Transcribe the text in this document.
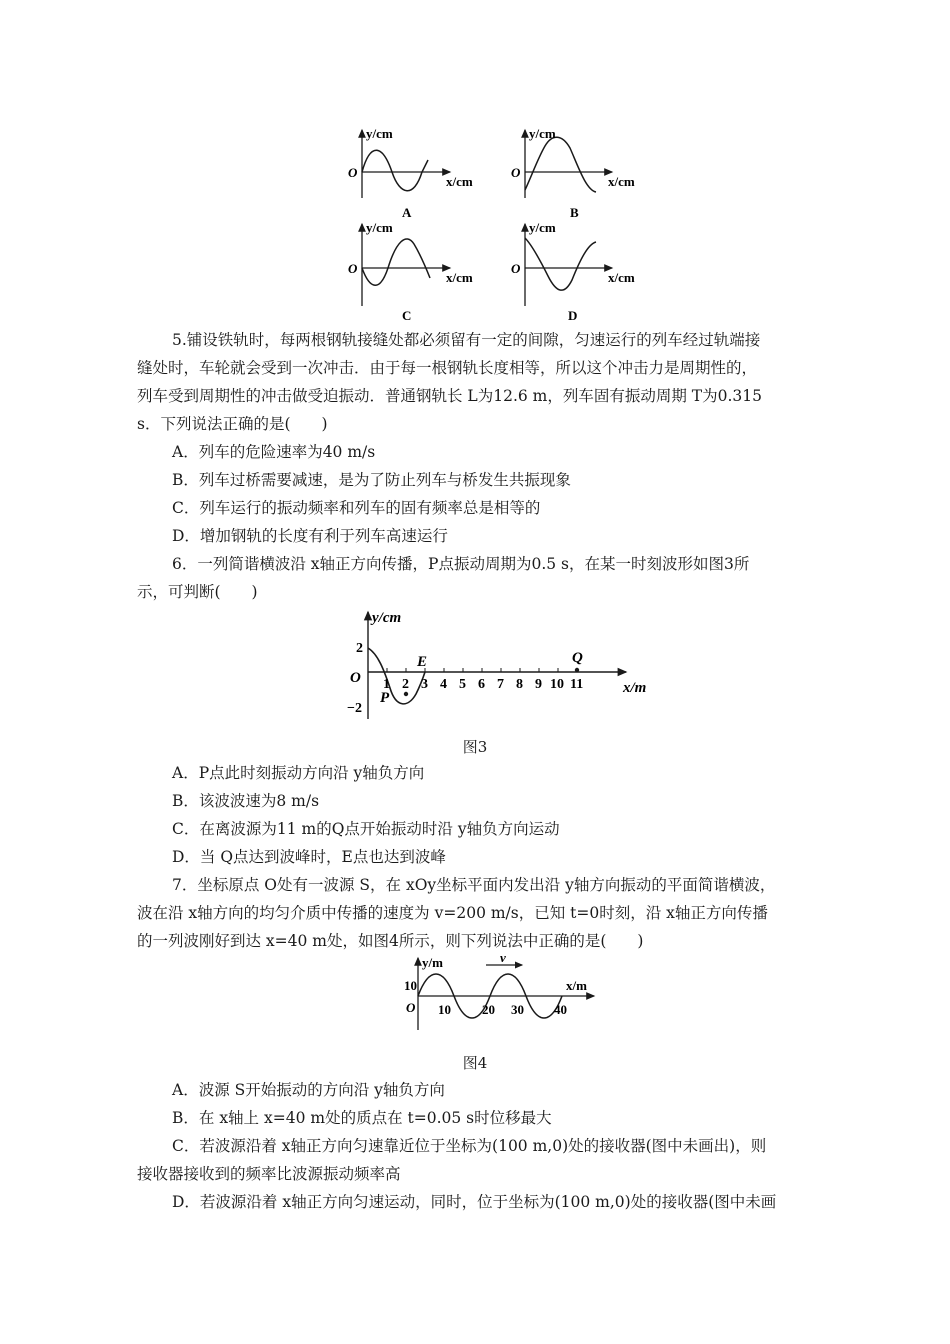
y/cm
O
x/cm
A
y/cm
O
x/cm
B
y/cm
O
x/cm
C
y/cm
O
x/cm
D
5.铺设铁轨时，每两根钢轨接缝处都必须留有一定的间隙，匀速运行的列车经过轨端接
缝处时，车轮就会受到一次冲击．由于每一根钢轨长度相等，所以这个冲击力是周期性的，
列车受到周期性的冲击做受迫振动．普通钢轨长 L为12.6 m，列车固有振动周期 T为0.315
s．下列说法正确的是(　　)
A．列车的危险速率为40 m/s
B．列车过桥需要减速，是为了防止列车与桥发生共振现象
C．列车运行的振动频率和列车的固有频率总是相等的
D．增加钢轨的长度有利于列车高速运行
6．一列简谐横波沿 x轴正方向传播，P点振动周期为0.5 s，在某一时刻波形如图3所
示，可判断(　　)
y/cm
x/m
O
2
−2
E
P
Q
1 2 3 4 5 6 7 8 9 10 11
图3
A．P点此时刻振动方向沿 y轴负方向
B．该波波速为8 m/s
C．在离波源为11 m的Q点开始振动时沿 y轴负方向运动
D．当 Q点达到波峰时，E点也达到波峰
7．坐标原点 O处有一波源 S，在 xOy坐标平面内发出沿 y轴方向振动的平面简谐横波，
波在沿 x轴方向的均匀介质中传播的速度为 v=200 m/s，已知 t=0时刻，沿 x轴正方向传播
的一列波刚好到达 x=40 m处，如图4所示，则下列说法中正确的是(　　)
v
y/m
x/m
10
O 10 20 30 40
图4
A．波源 S开始振动的方向沿 y轴负方向
B．在 x轴上 x=40 m处的质点在 t=0.05 s时位移最大
C．若波源沿着 x轴正方向匀速靠近位于坐标为(100 m,0)处的接收器(图中未画出)，则
接收器接收到的频率比波源振动频率高
D．若波源沿着 x轴正方向匀速运动，同时，位于坐标为(100 m,0)处的接收器(图中未画
